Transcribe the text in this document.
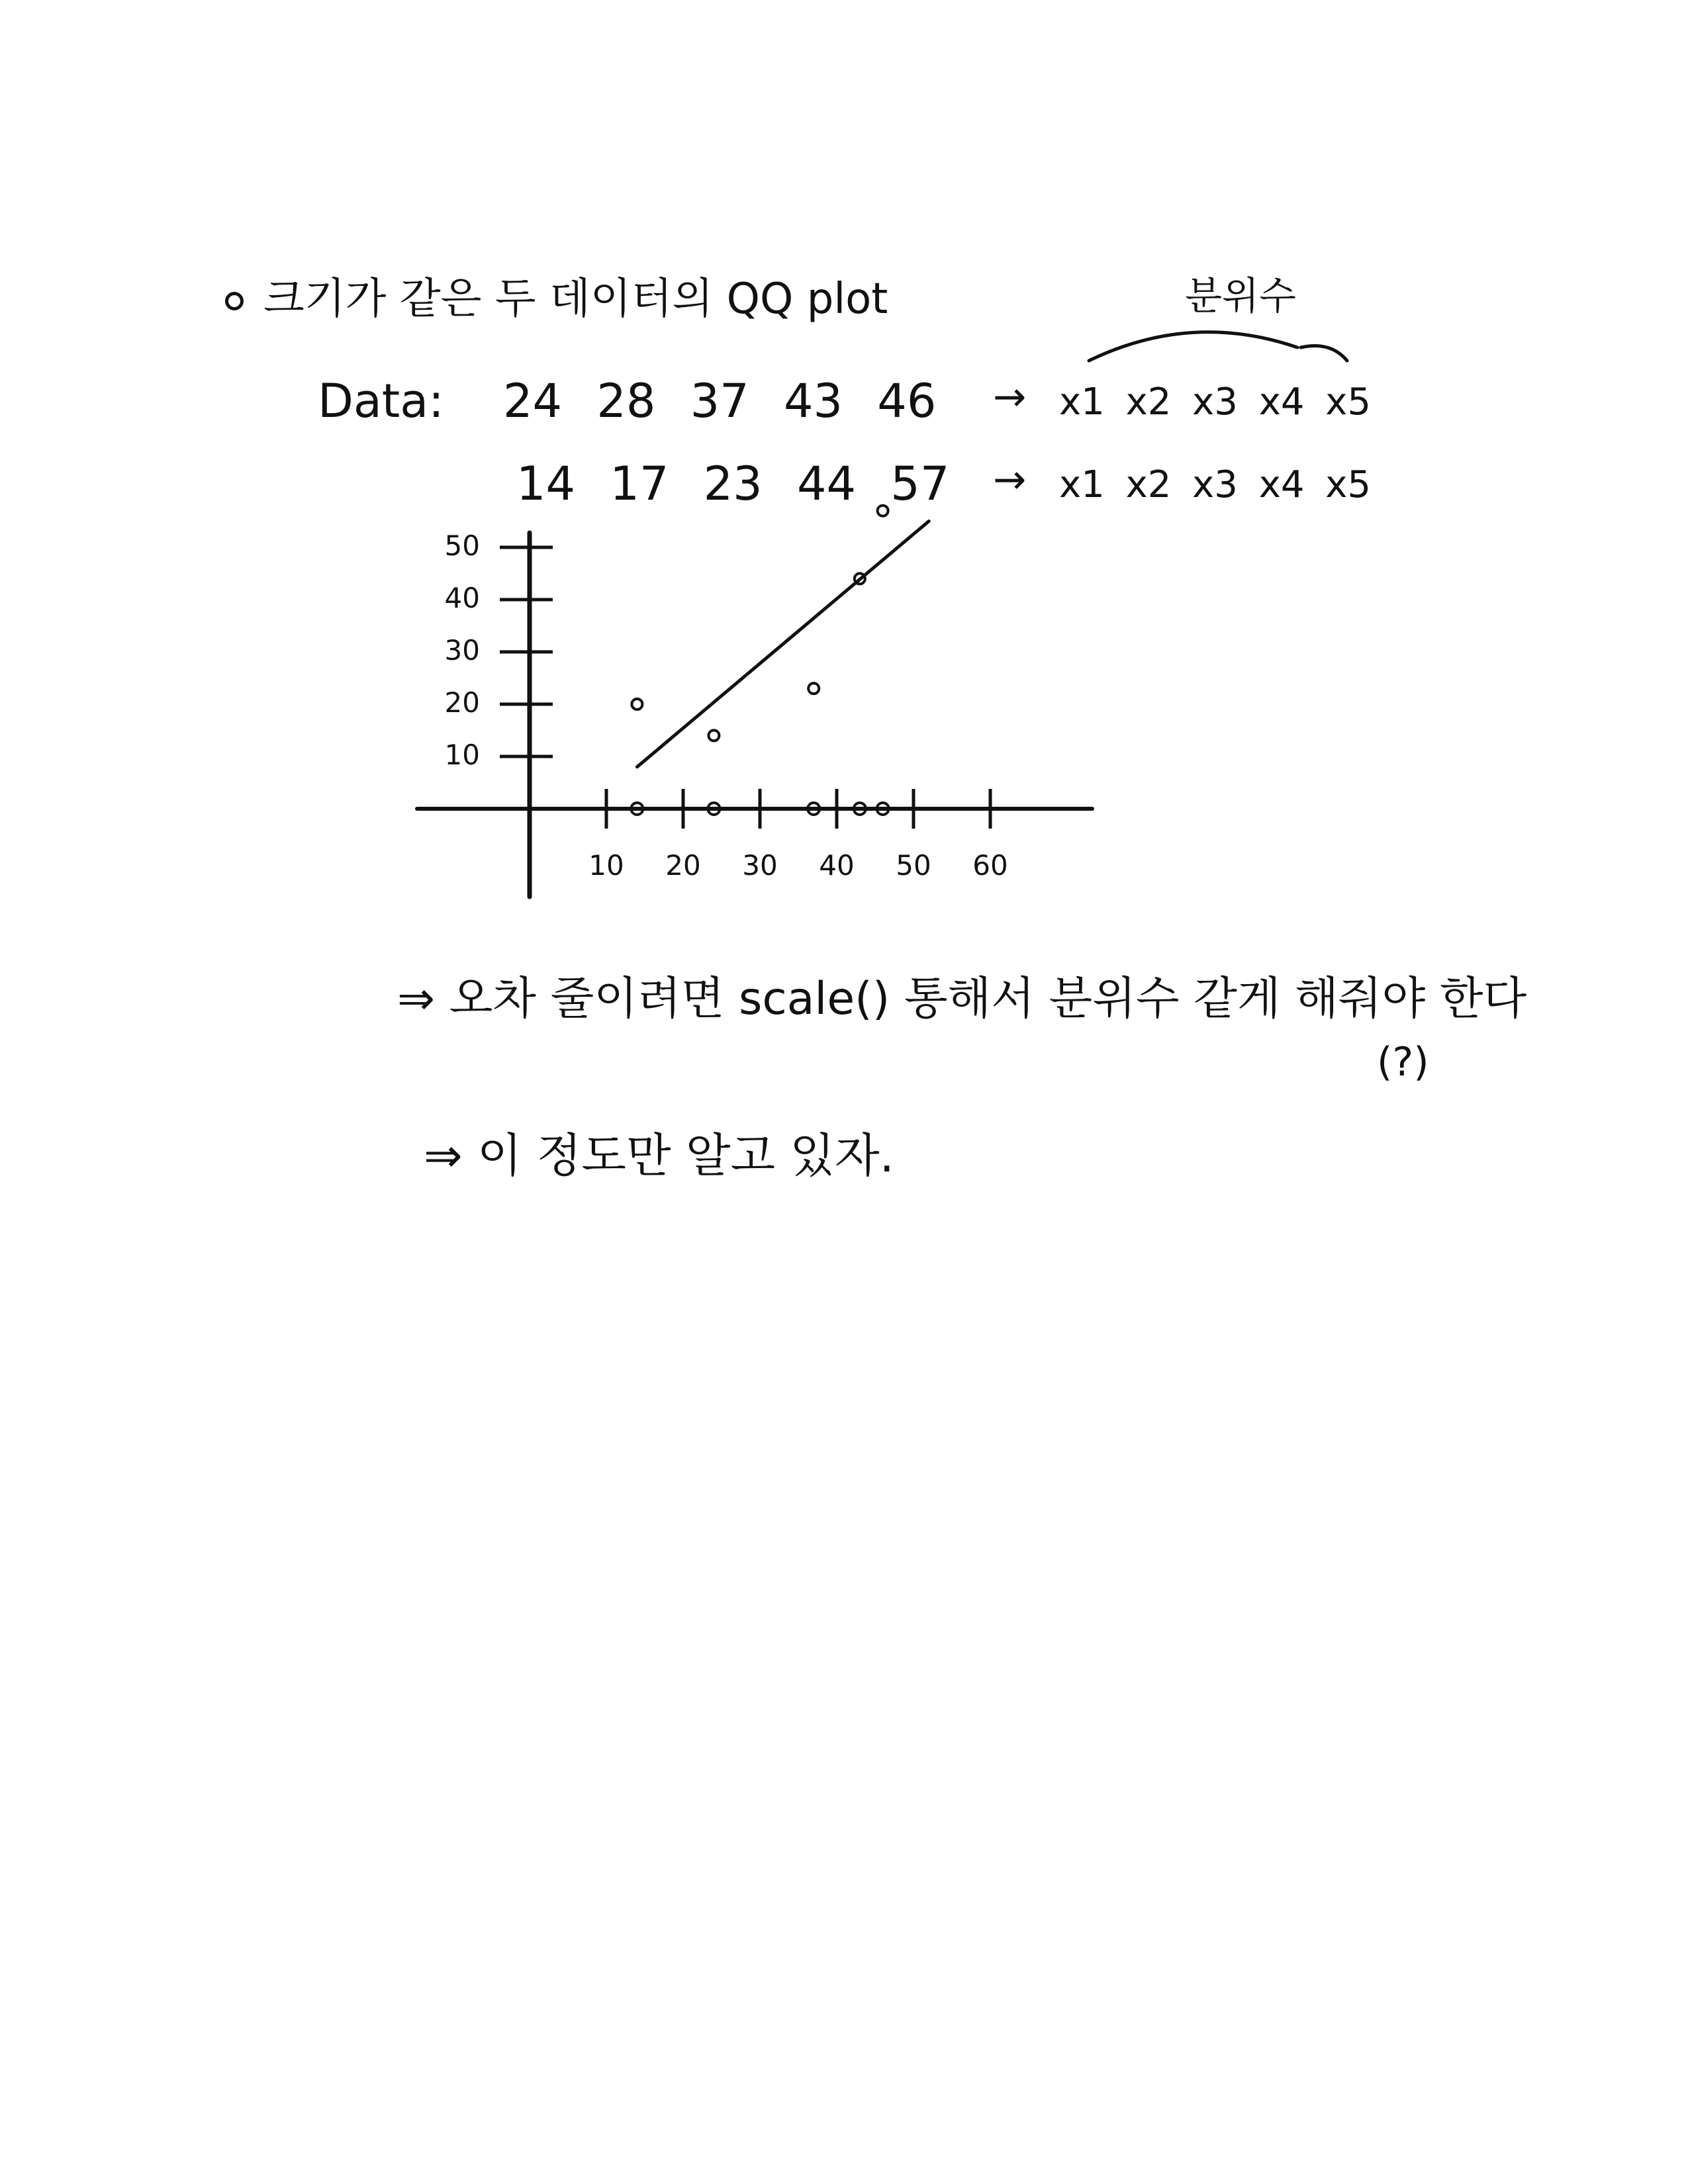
크기가 같은 두 데이터의 QQ plot	분위수
Data: 24 28 37 43 46 → x1 x2 x3 x4 x5
14 17 23 44 57 → x1 x2 x3 x4 x5
10 20 30 40 50 60
10
20
30
40
50
⇒ 오차 줄이려면 scale() 통해서 분위수 같게 해줘야 한다
(?)
⇒ 이 정도만 알고 있자.
